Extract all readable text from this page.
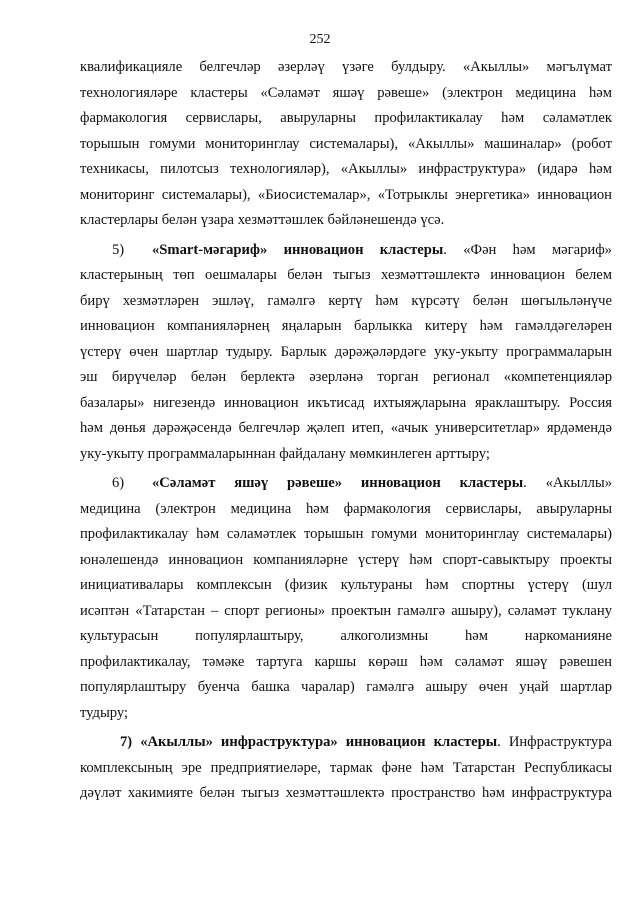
252
квалификацияле белгечләр әзерләү үзәге булдыру. «Акыллы» мәгълүмат
технологияләре кластеры «Сәламәт яшәү рәвеше» (электрон медицина һәм
фармакология сервислары, авыруларны профилактикалау һәм сәламәтлек
торышын гомуми мониторинглау системалары), «Акыллы» машиналар» (робот
техникасы, пилотсыз технологияләр), «Акыллы» инфраструктура» (идарә һәм
мониторинг системалары), «Биосистемалар», «Тотрыклы энергетика» инновацион
кластерлары белән үзара хезмәттәшлек бәйләнешендә үсә.
5) «Smart-мәгариф» инновацион кластеры. «Фән һәм мәгариф»
кластерының төп оешмалары белән тыгыз хезмәттәшлектә инновацион белем
бирү хезмәтләрен эшләү, гамәлгә кертү һәм күрсәтү белән шөгыльләнүче
инновацион компанияләрнең яңаларын барлыкка китерү һәм гамәлдәгеләрен
үстерү өчен шартлар тудыру. Барлык дәрәҗәләрдәге уку-укыту программаларын
эш бирүчеләр белән берлектә әзерләнә торган регионал «компетенцияләр
базалары» нигезендә инновацион икътисад ихтыяҗларына яраклаштыру. Россия
һәм дөнья дәрәҗәсендә белгечләр җәлеп итеп, «ачык университетлар» ярдәмендә
уку-укыту программаларыннан файдалану мөмкинлеген арттыру;
6) «Сәламәт яшәү рәвеше» инновацион кластеры. «Акыллы»
медицина (электрон медицина һәм фармакология сервислары, авыруларны
профилактикалау һәм сәламәтлек торышын гомуми мониторинглау системалары)
юнәлешендә инновацион компанияләрне үстерү һәм спорт-савыктыру проекты
инициативалары комплексын (физик культураны һәм спортны үстерү (шул
исәптән «Татарстан – спорт регионы» проектын гамәлгә ашыру), сәламәт туклану
культурасын популярлаштыру, алкоголизмны һәм наркоманияне
профилактикалау, тәмәке тартуга каршы көрәш һәм сәламәт яшәү рәвешен
популярлаштыру буенча башка чаралар) гамәлгә ашыру өчен уңай шартлар
тудыру;
7) «Акыллы» инфраструктура» инновацион кластеры. Инфраструктура
комплексының эре предприятиеләре, тармак фәне һәм Татарстан Республикасы
дәүләт хакимияте белән тыгыз хезмәттәшлектә пространство һәм инфраструктура
